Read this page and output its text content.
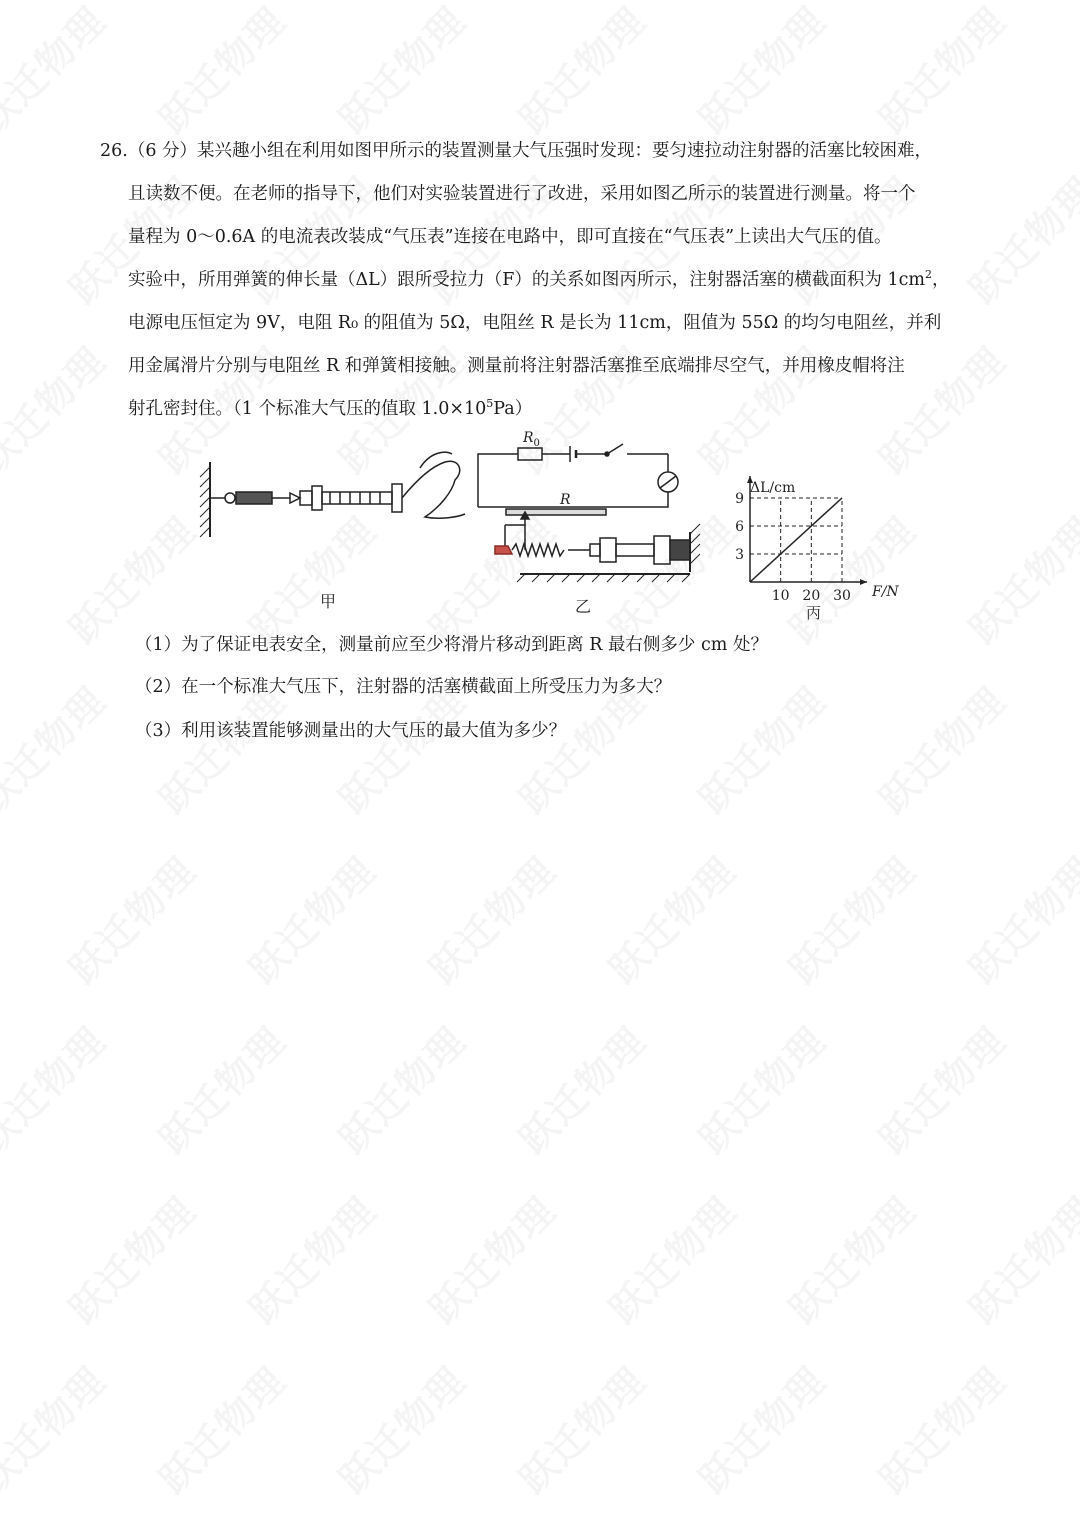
26.（6 分）某兴趣小组在利用如图甲所示的装置测量大气压强时发现：要匀速拉动注射器的活塞比较困难，
且读数不便。在老师的指导下，他们对实验装置进行了改进，采用如图乙所示的装置进行测量。将一个
量程为 0～0.6A 的电流表改装成“气压表”连接在电路中，即可直接在“气压表”上读出大气压的值。
实验中，所用弹簧的伸长量（ΔL）跟所受拉力（F）的关系如图丙所示，注射器活塞的横截面积为 $1cm^2$，
电源电压恒定为 9V，电阻 R₀ 的阻值为 5Ω，电阻丝 R 是长为 11cm，阻值为 55Ω 的均匀电阻丝，并利
用金属滑片分别与电阻丝 R 和弹簧相接触。测量前将注射器活塞推至底端排尽空气，并用橡皮帽将注
射孔密封住。（1 个标准大气压的值取 $1.0\times 10^5Pa$）
甲
$R_0$
R
乙
3
6
9
10 20 30
ΔL/cm
F/N
丙
（1）为了保证电表安全，测量前应至少将滑片移动到距离 R 最右侧多少 cm 处？
（2）在一个标准大气压下，注射器的活塞横截面上所受压力为多大？
（3）利用该装置能够测量出的大气压的最大值为多少？
